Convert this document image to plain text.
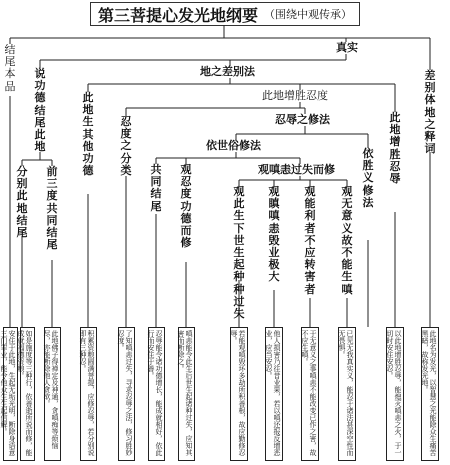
第三菩提心发光地纲要 （围绕中观传承）
真实
地之差别法
此地增胜忍度
忍辱之修法
依世俗修法
观嗔恚过失而修
结尾本品
差别体地之释词
说功德结尾此地
此地生其他功德
忍度之分类
此地增胜忍辱
依胜义修法
分别此地结尾
前三度共同结尾
共同结尾
观忍度功德而修
观此生下世生起种种过失
观瞋嗔恚毁业极大
观能利者不应转害者
观无意义故不能生嗔
安住于此地，生起无垢光明，断除身语意三门罪业，能令他众生生起信解。	如是施度等三种行，依善逝所说而修，能成就福德资粮。	此地佛子得禅定及神通，贪嗔痴等烦恼尽，亦能断除他人贪欲。	积累资粮圆满菩提，应修忍辱，若分别说即有三种忍。	了知嗔恚过失，寻求忍辱之法，修习胜妙忍度。	忍辱能令诸功德增长，能成就相好，依此行而安住于善。	嗔恚能令此生后世生起诸种过失，应知其害而断除之。	若能观嗔毁坏多劫所积善根，故应勤修忍辱。	他人损害乃往昔业果，若以嗔还报反增恶业，应当安忍。	于无意义之事嗔恚不能改变已作之害，故不应生嗔。	已见无我真实义，能忍于诸法甚深空性而无畏惧。	以此地增胜忍辱，能熄灭嗔恚之火，于一切时安住安忍。	此地名为发光，以智慧之光能除众生痛苦黑暗，故称发光地。
